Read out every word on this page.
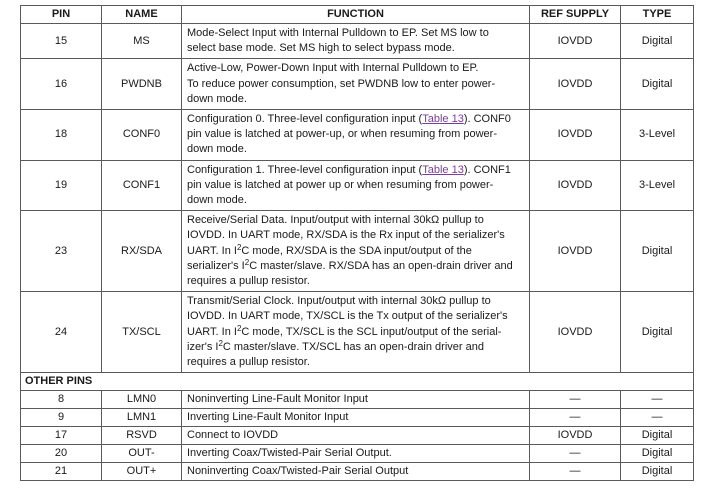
PIN	NAME	FUNCTION	REF SUPPLY	TYPE
15	MS	Mode-Select Input with Internal Pulldown to EP. Set MS low to
select base mode. Set MS high to select bypass mode.	IOVDD	Digital
16	PWDNB	Active-Low, Power-Down Input with Internal Pulldown to EP.
To reduce power consumption, set PWDNB low to enter power-
down mode.	IOVDD	Digital
18	CONF0	Configuration 0. Three-level configuration input (Table 13). CONF0
pin value is latched at power-up, or when resuming from power-
down mode.	IOVDD	3-Level
19	CONF1	Configuration 1. Three-level configuration input (Table 13). CONF1
pin value is latched at power up or when resuming from power-
down mode.	IOVDD	3-Level
23	RX/SDA	Receive/Serial Data. Input/output with internal 30kΩ pullup to
IOVDD. In UART mode, RX/SDA is the Rx input of the serializer's
UART. In $I^2C$ mode, RX/SDA is the SDA input/output of the
serializer's $I^2C$ master/slave. RX/SDA has an open-drain driver and
requires a pullup resistor.	IOVDD	Digital
24	TX/SCL	Transmit/Serial Clock. Input/output with internal 30kΩ pullup to
IOVDD. In UART mode, TX/SCL is the Tx output of the serializer's
UART. In $I^2C$ mode, TX/SCL is the SCL input/output of the serial-
izer's $I^2C$ master/slave. TX/SCL has an open-drain driver and
requires a pullup resistor.	IOVDD	Digital
OTHER PINS				
8	LMN0	Noninverting Line-Fault Monitor Input	—	—
9	LMN1	Inverting Line-Fault Monitor Input	—	—
17	RSVD	Connect to IOVDD	IOVDD	Digital
20	OUT-	Inverting Coax/Twisted-Pair Serial Output.	—	Digital
21	OUT+	Noninverting Coax/Twisted-Pair Serial Output	—	Digital
